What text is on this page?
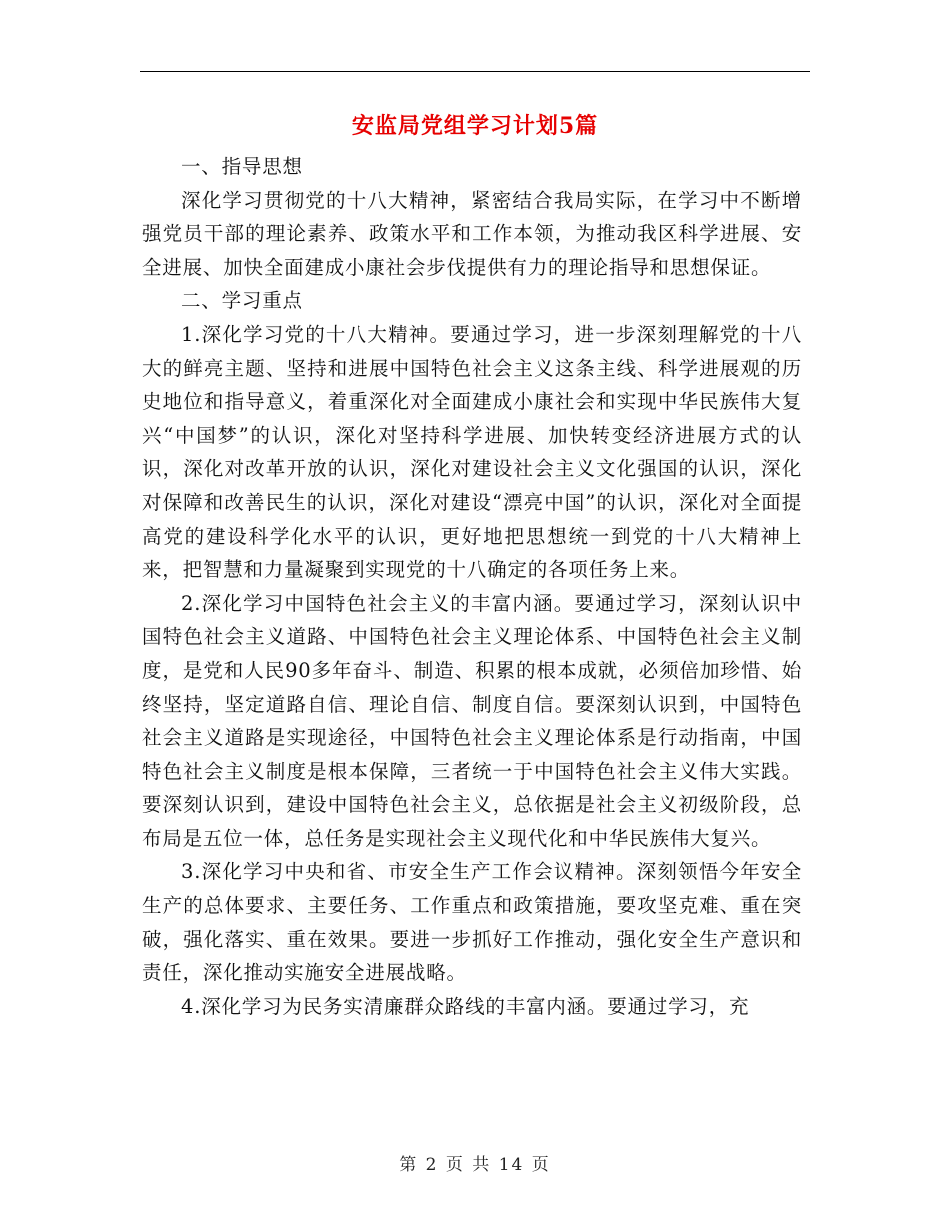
安监局党组学习计划5篇

一、指导思想

深化学习贯彻党的十八大精神，紧密结合我局实际，在学习中不断增强党员干部的理论素养、政策水平和工作本领，为推动我区科学进展、安全进展、加快全面建成小康社会步伐提供有力的理论指导和思想保证。

二、学习重点

1.深化学习党的十八大精神。要通过学习，进一步深刻理解党的十八大的鲜亮主题、坚持和进展中国特色社会主义这条主线、科学进展观的历史地位和指导意义，着重深化对全面建成小康社会和实现中华民族伟大复兴“中国梦”的认识，深化对坚持科学进展、加快转变经济进展方式的认识，深化对改革开放的认识，深化对建设社会主义文化强国的认识，深化对保障和改善民生的认识，深化对建设“漂亮中国”的认识，深化对全面提高党的建设科学化水平的认识，更好地把思想统一到党的十八大精神上来，把智慧和力量凝聚到实现党的十八确定的各项任务上来。

2.深化学习中国特色社会主义的丰富内涵。要通过学习，深刻认识中国特色社会主义道路、中国特色社会主义理论体系、中国特色社会主义制度，是党和人民90多年奋斗、制造、积累的根本成就，必须倍加珍惜、始终坚持，坚定道路自信、理论自信、制度自信。要深刻认识到，中国特色社会主义道路是实现途径，中国特色社会主义理论体系是行动指南，中国特色社会主义制度是根本保障，三者统一于中国特色社会主义伟大实践。要深刻认识到，建设中国特色社会主义，总依据是社会主义初级阶段，总布局是五位一体，总任务是实现社会主义现代化和中华民族伟大复兴。

3.深化学习中央和省、市安全生产工作会议精神。深刻领悟今年安全生产的总体要求、主要任务、工作重点和政策措施，要攻坚克难、重在突破，强化落实、重在效果。要进一步抓好工作推动，强化安全生产意识和责任，深化推动实施安全进展战略。

4.深化学习为民务实清廉群众路线的丰富内涵。要通过学习，充

第 2 页 共 14 页
